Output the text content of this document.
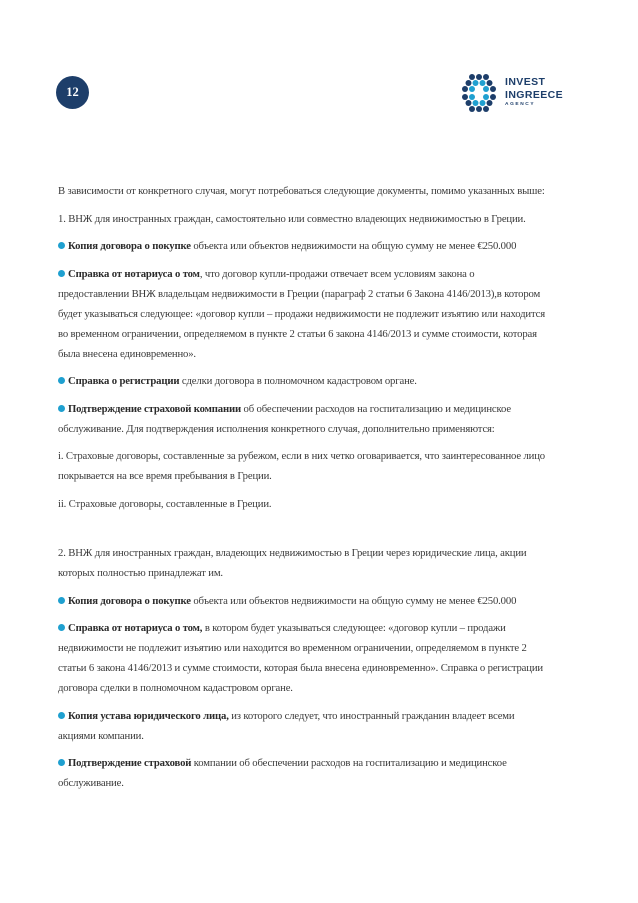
12
INVEST
INGREECE
AGENCY

В зависимости от конкретного случая, могут потребоваться следующие документы, помимо указанных выше:

1. ВНЖ для иностранных граждан, самостоятельно или совместно владеющих недвижимостью в Греции.

Копия договора о покупке объекта или объектов недвижимости на общую сумму не менее €250.000

Справка от нотариуса о том, что договор купли-продажи отвечает всем условиям закона о предоставлении ВНЖ владельцам недвижимости в Греции (параграф 2 статьи 6 Закона 4146/2013),в котором будет указываться следующее: «договор купли – продажи недвижимости не подлежит изъятию или находится во временном ограничении, определяемом в пункте 2 статьи 6 закона 4146/2013 и сумме стоимости, которая была внесена единовременно».

Справка о регистрации сделки договора в полномочном кадастровом органе.

Подтверждение страховой компании об обеспечении расходов на госпитализацию и медицинское обслуживание. Для подтверждения исполнения конкретного случая, дополнительно применяются:

i. Страховые договоры, составленные за рубежом, если в них четко оговаривается, что заинтересованное лицо покрывается на все время пребывания в Греции.

ii. Страховые договоры, составленные в Греции.

2. ВНЖ для иностранных граждан, владеющих недвижимостью в Греции через юридические лица, акции которых полностью принадлежат им.

Копия договора о покупке объекта или объектов недвижимости на общую сумму не менее €250.000

Справка от нотариуса о том, в котором будет указываться следующее: «договор купли – продажи недвижимости не подлежит изъятию или находится во временном ограничении, определяемом в пункте 2 статьи 6 закона 4146/2013 и сумме стоимости, которая была внесена единовременно». Справка о регистрации договора сделки в полномочном кадастровом органе.

Копия устава юридического лица, из которого следует, что иностранный гражданин владеет всеми акциями компании.

Подтверждение страховой компании об обеспечении расходов на госпитализацию и медицинское обслуживание.
